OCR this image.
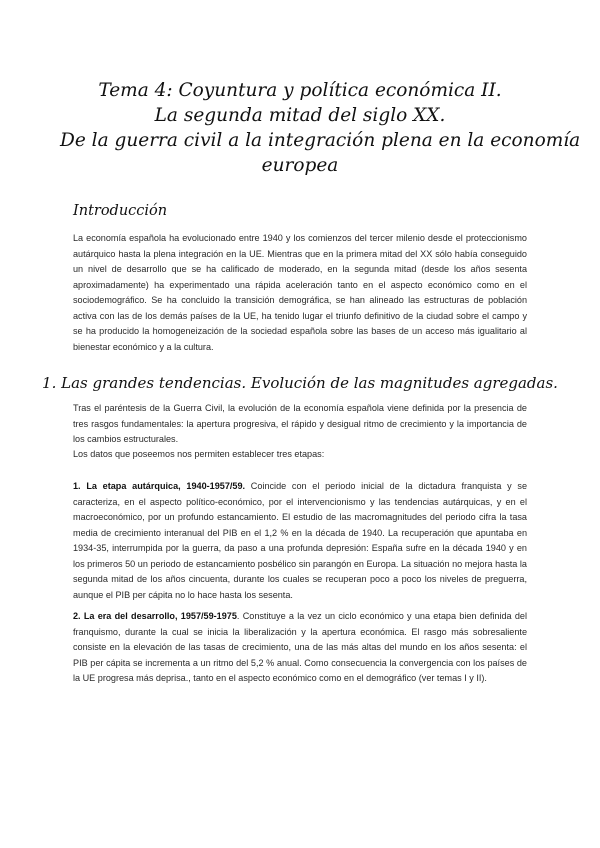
Tema 4: Coyuntura y política económica II.
La segunda mitad del siglo XX.
De la guerra civil a la integración plena en la economía
europea
Introducción

La economía española ha evolucionado entre 1940 y los comienzos del tercer milenio desde el proteccionismo autárquico hasta la plena integración en la UE. Mientras que en la primera mitad del XX sólo había conseguido un nivel de desarrollo que se ha calificado de moderado, en la segunda mitad (desde los años sesenta aproximadamente) ha experimentado una rápida aceleración tanto en el aspecto económico como en el sociodemográfico. Se ha concluido la transición demográfica, se han alineado las estructuras de población activa con las de los demás países de la UE, ha tenido lugar el triunfo definitivo de la ciudad sobre el campo y se ha producido la homogeneización de la sociedad española sobre las bases de un acceso más igualitario al bienestar económico y a la cultura.

1. Las grandes tendencias. Evolución de las magnitudes agregadas.

Tras el paréntesis de la Guerra Civil, la evolución de la economía española viene definida por la presencia de tres rasgos fundamentales: la apertura progresiva, el rápido y desigual ritmo de crecimiento y la importancia de los cambios estructurales.

Los datos que poseemos nos permiten establecer tres etapas:

1. La etapa autárquica, 1940-1957/59. Coincide con el periodo inicial de la dictadura franquista y se caracteriza, en el aspecto político-económico, por el intervencionismo y las tendencias autárquicas, y en el macroeconómico, por un profundo estancamiento. El estudio de las macromagnitudes del periodo cifra la tasa media de crecimiento interanual del PIB en el 1,2 % en la década de 1940. La recuperación que apuntaba en 1934-35, interrumpida por la guerra, da paso a una profunda depresión: España sufre en la década 1940 y en los primeros 50 un periodo de estancamiento posbélico sin parangón en Europa. La situación no mejora hasta la segunda mitad de los años cincuenta, durante los cuales se recuperan poco a poco los niveles de preguerra, aunque el PIB per cápita no lo hace hasta los sesenta.

2. La era del desarrollo, 1957/59-1975. Constituye a la vez un ciclo económico y una etapa bien definida del franquismo, durante la cual se inicia la liberalización y la apertura económica. El rasgo más sobresaliente consiste en la elevación de las tasas de crecimiento, una de las más altas del mundo en los años sesenta: el PIB per cápita se incrementa a un ritmo del 5,2 % anual. Como consecuencia la convergencia con los países de la UE progresa más deprisa., tanto en el aspecto económico como en el demográfico (ver temas I y II).
